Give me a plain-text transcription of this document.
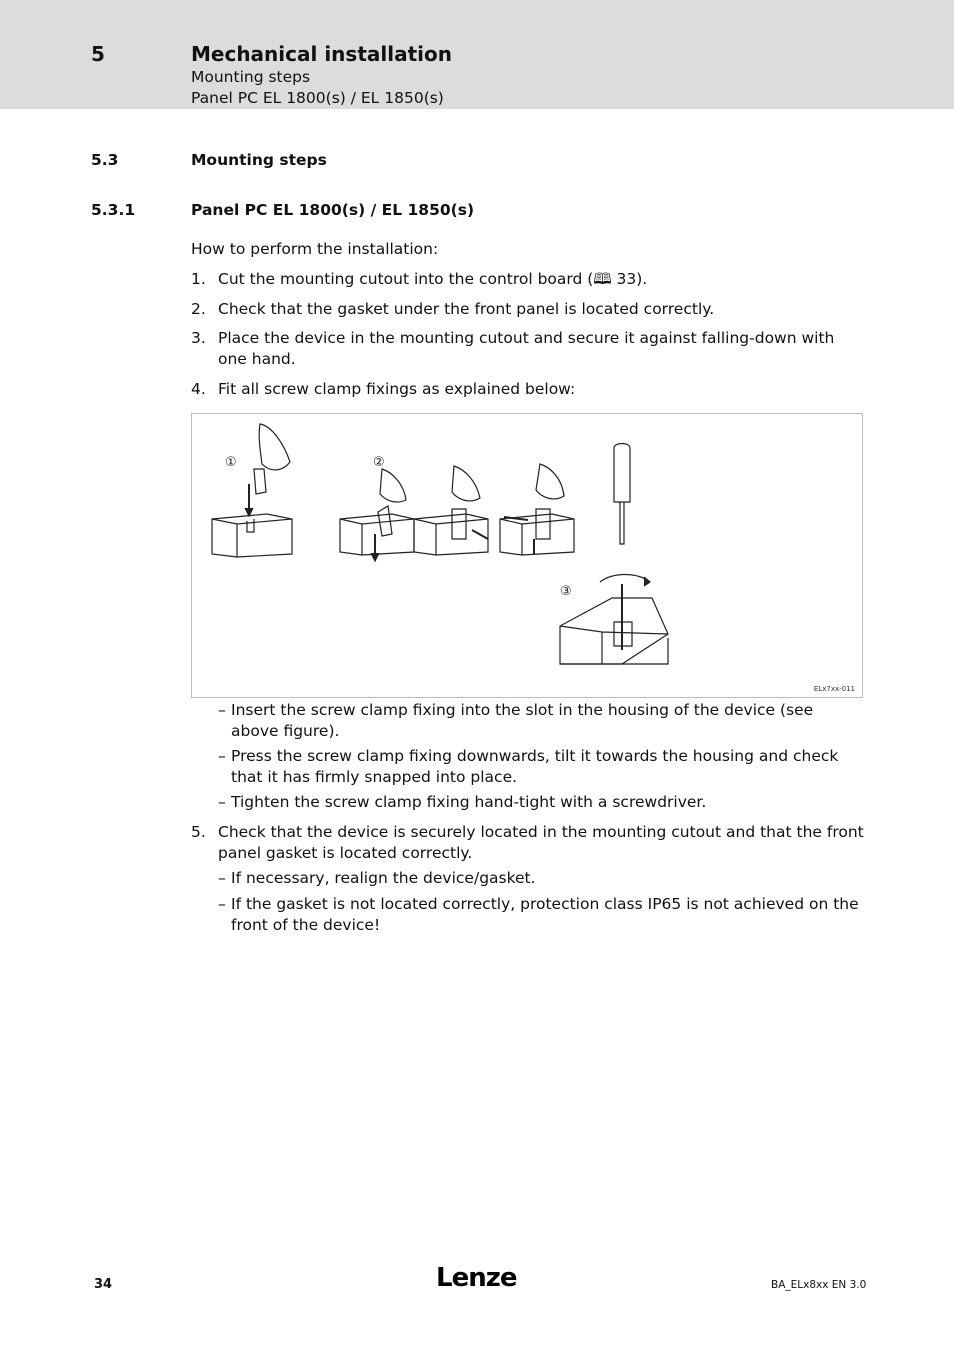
5	Mechanical installation
Mounting steps
Panel PC EL 1800(s) / EL 1850(s)
5.3	Mounting steps
5.3.1	Panel PC EL 1800(s) / EL 1850(s)
How to perform the installation:
1. Cut the mounting cutout into the control board (🕮 33).
2. Check that the gasket under the front panel is located correctly.
3. Place the device in the mounting cutout and secure it against falling-down with one hand.
4. Fit all screw clamp fixings as explained below:
①	②
③
ELx7xx-011
– Insert the screw clamp fixing into the slot in the housing of the device (see above figure).
– Press the screw clamp fixing downwards, tilt it towards the housing and check that it has firmly snapped into place.
– Tighten the screw clamp fixing hand-tight with a screwdriver.
5. Check that the device is securely located in the mounting cutout and that the front panel gasket is located correctly.
– If necessary, realign the device/gasket.
– If the gasket is not located correctly, protection class IP65 is not achieved on the front of the device!
34	Lenze	BA_ELx8xx EN 3.0
